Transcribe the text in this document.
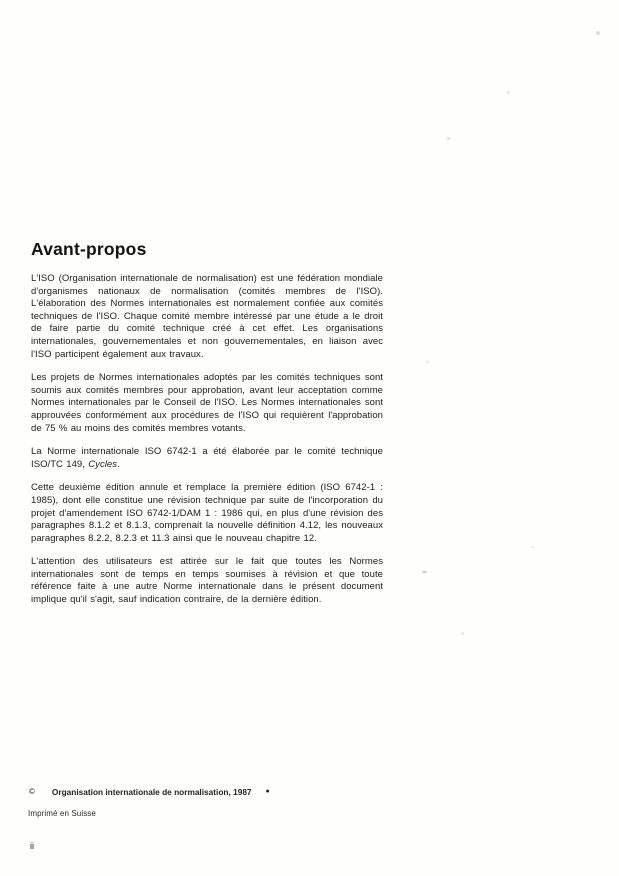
Avant-propos

L'ISO (Organisation internationale de normalisation) est une fédération mondiale d'organismes nationaux de normalisation (comités membres de l'ISO). L'élaboration des Normes internationales est normalement confiée aux comités techniques de l'ISO. Chaque comité membre intéressé par une étude a le droit de faire partie du comité technique créé à cet effet. Les organisations internationales, gouvernementales et non gouvernementales, en liaison avec l'ISO participent également aux travaux.

Les projets de Normes internationales adoptés par les comités techniques sont soumis aux comités membres pour approbation, avant leur acceptation comme Normes internationales par le Conseil de l'ISO. Les Normes internationales sont approuvées conformément aux procédures de l'ISO qui requièrent l'approbation de 75 % au moins des comités membres votants.

La Norme internationale ISO 6742-1 a été élaborée par le comité technique ISO/TC 149, Cycles.

Cette deuxième édition annule et remplace la première édition (ISO 6742-1 : 1985), dont elle constitue une révision technique par suite de l'incorporation du projet d'amendement ISO 6742-1/DAM 1 : 1986 qui, en plus d'une révision des paragraphes 8.1.2 et 8.1.3, comprenait la nouvelle définition 4.12, les nouveaux paragraphes 8.2.2, 8.2.3 et 11.3 ainsi que le nouveau chapitre 12.

L'attention des utilisateurs est attirée sur le fait que toutes les Normes internationales sont de temps en temps soumises à révision et que toute référence faite à une autre Norme internationale dans le présent document implique qu'il s'agit, sauf indication contraire, de la dernière édition.

© Organisation internationale de normalisation, 1987 ●
Imprimé en Suisse
ii
